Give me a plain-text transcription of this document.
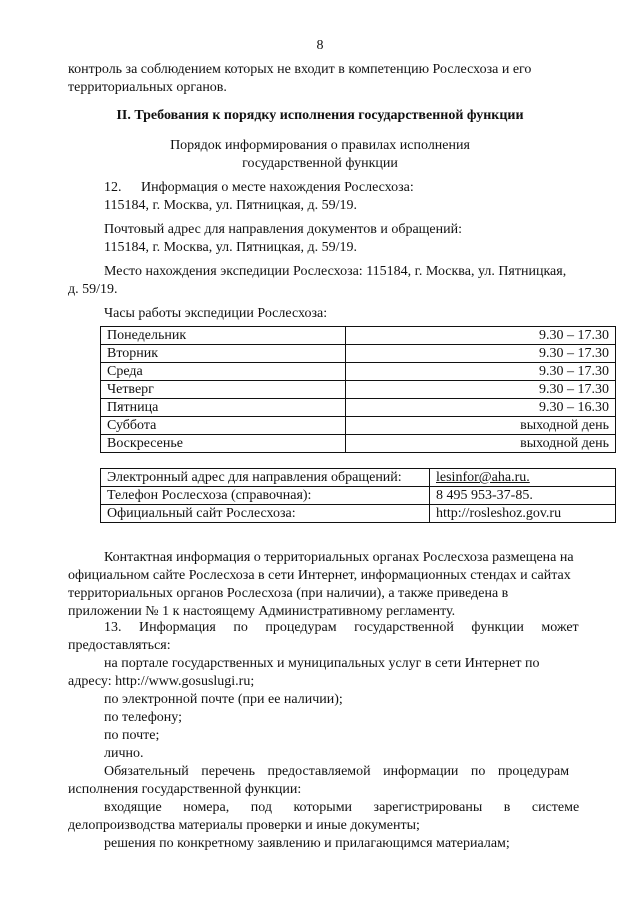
8
контроль за соблюдением которых не входит в компетенцию Рослесхоза и его
территориальных органов.
II. Требования к порядку исполнения государственной функции
Порядок информирования о правилах исполнения
государственной функции
12. Информация о месте нахождения Рослесхоза:
115184, г. Москва, ул. Пятницкая, д. 59/19.
Почтовый адрес для направления документов и обращений:
115184, г. Москва, ул. Пятницкая, д. 59/19.
Место нахождения экспедиции Рослесхоза: 115184, г. Москва, ул. Пятницкая,
д. 59/19.
Часы работы экспедиции Рослесхоза:
Понедельник	9.30 – 17.30
Вторник	9.30 – 17.30
Среда	9.30 – 17.30
Четверг	9.30 – 17.30
Пятница	9.30 – 16.30
Суббота	выходной день
Воскресенье	выходной день
Электронный адрес для направления обращений:	lesinfor@aha.ru.
Телефон Рослесхоза (справочная):	8 495 953-37-85.
Официальный сайт Рослесхоза:	http://rosleshoz.gov.ru
Контактная информация о территориальных органах Рослесхоза размещена на
официальном сайте Рослесхоза в сети Интернет, информационных стендах и сайтах
территориальных органов Рослесхоза (при наличии), а также приведена в
приложении № 1 к настоящему Административному регламенту.
13. Информация по процедурам государственной функции может
предоставляться:
на портале государственных и муниципальных услуг в сети Интернет по
адресу: http://www.gosuslugi.ru;
по электронной почте (при ее наличии);
по телефону;
по почте;
лично.
Обязательный перечень предоставляемой информации по процедурам
исполнения государственной функции:
входящие номера, под которыми зарегистрированы в системе
делопроизводства материалы проверки и иные документы;
решения по конкретному заявлению и прилагающимся материалам;
